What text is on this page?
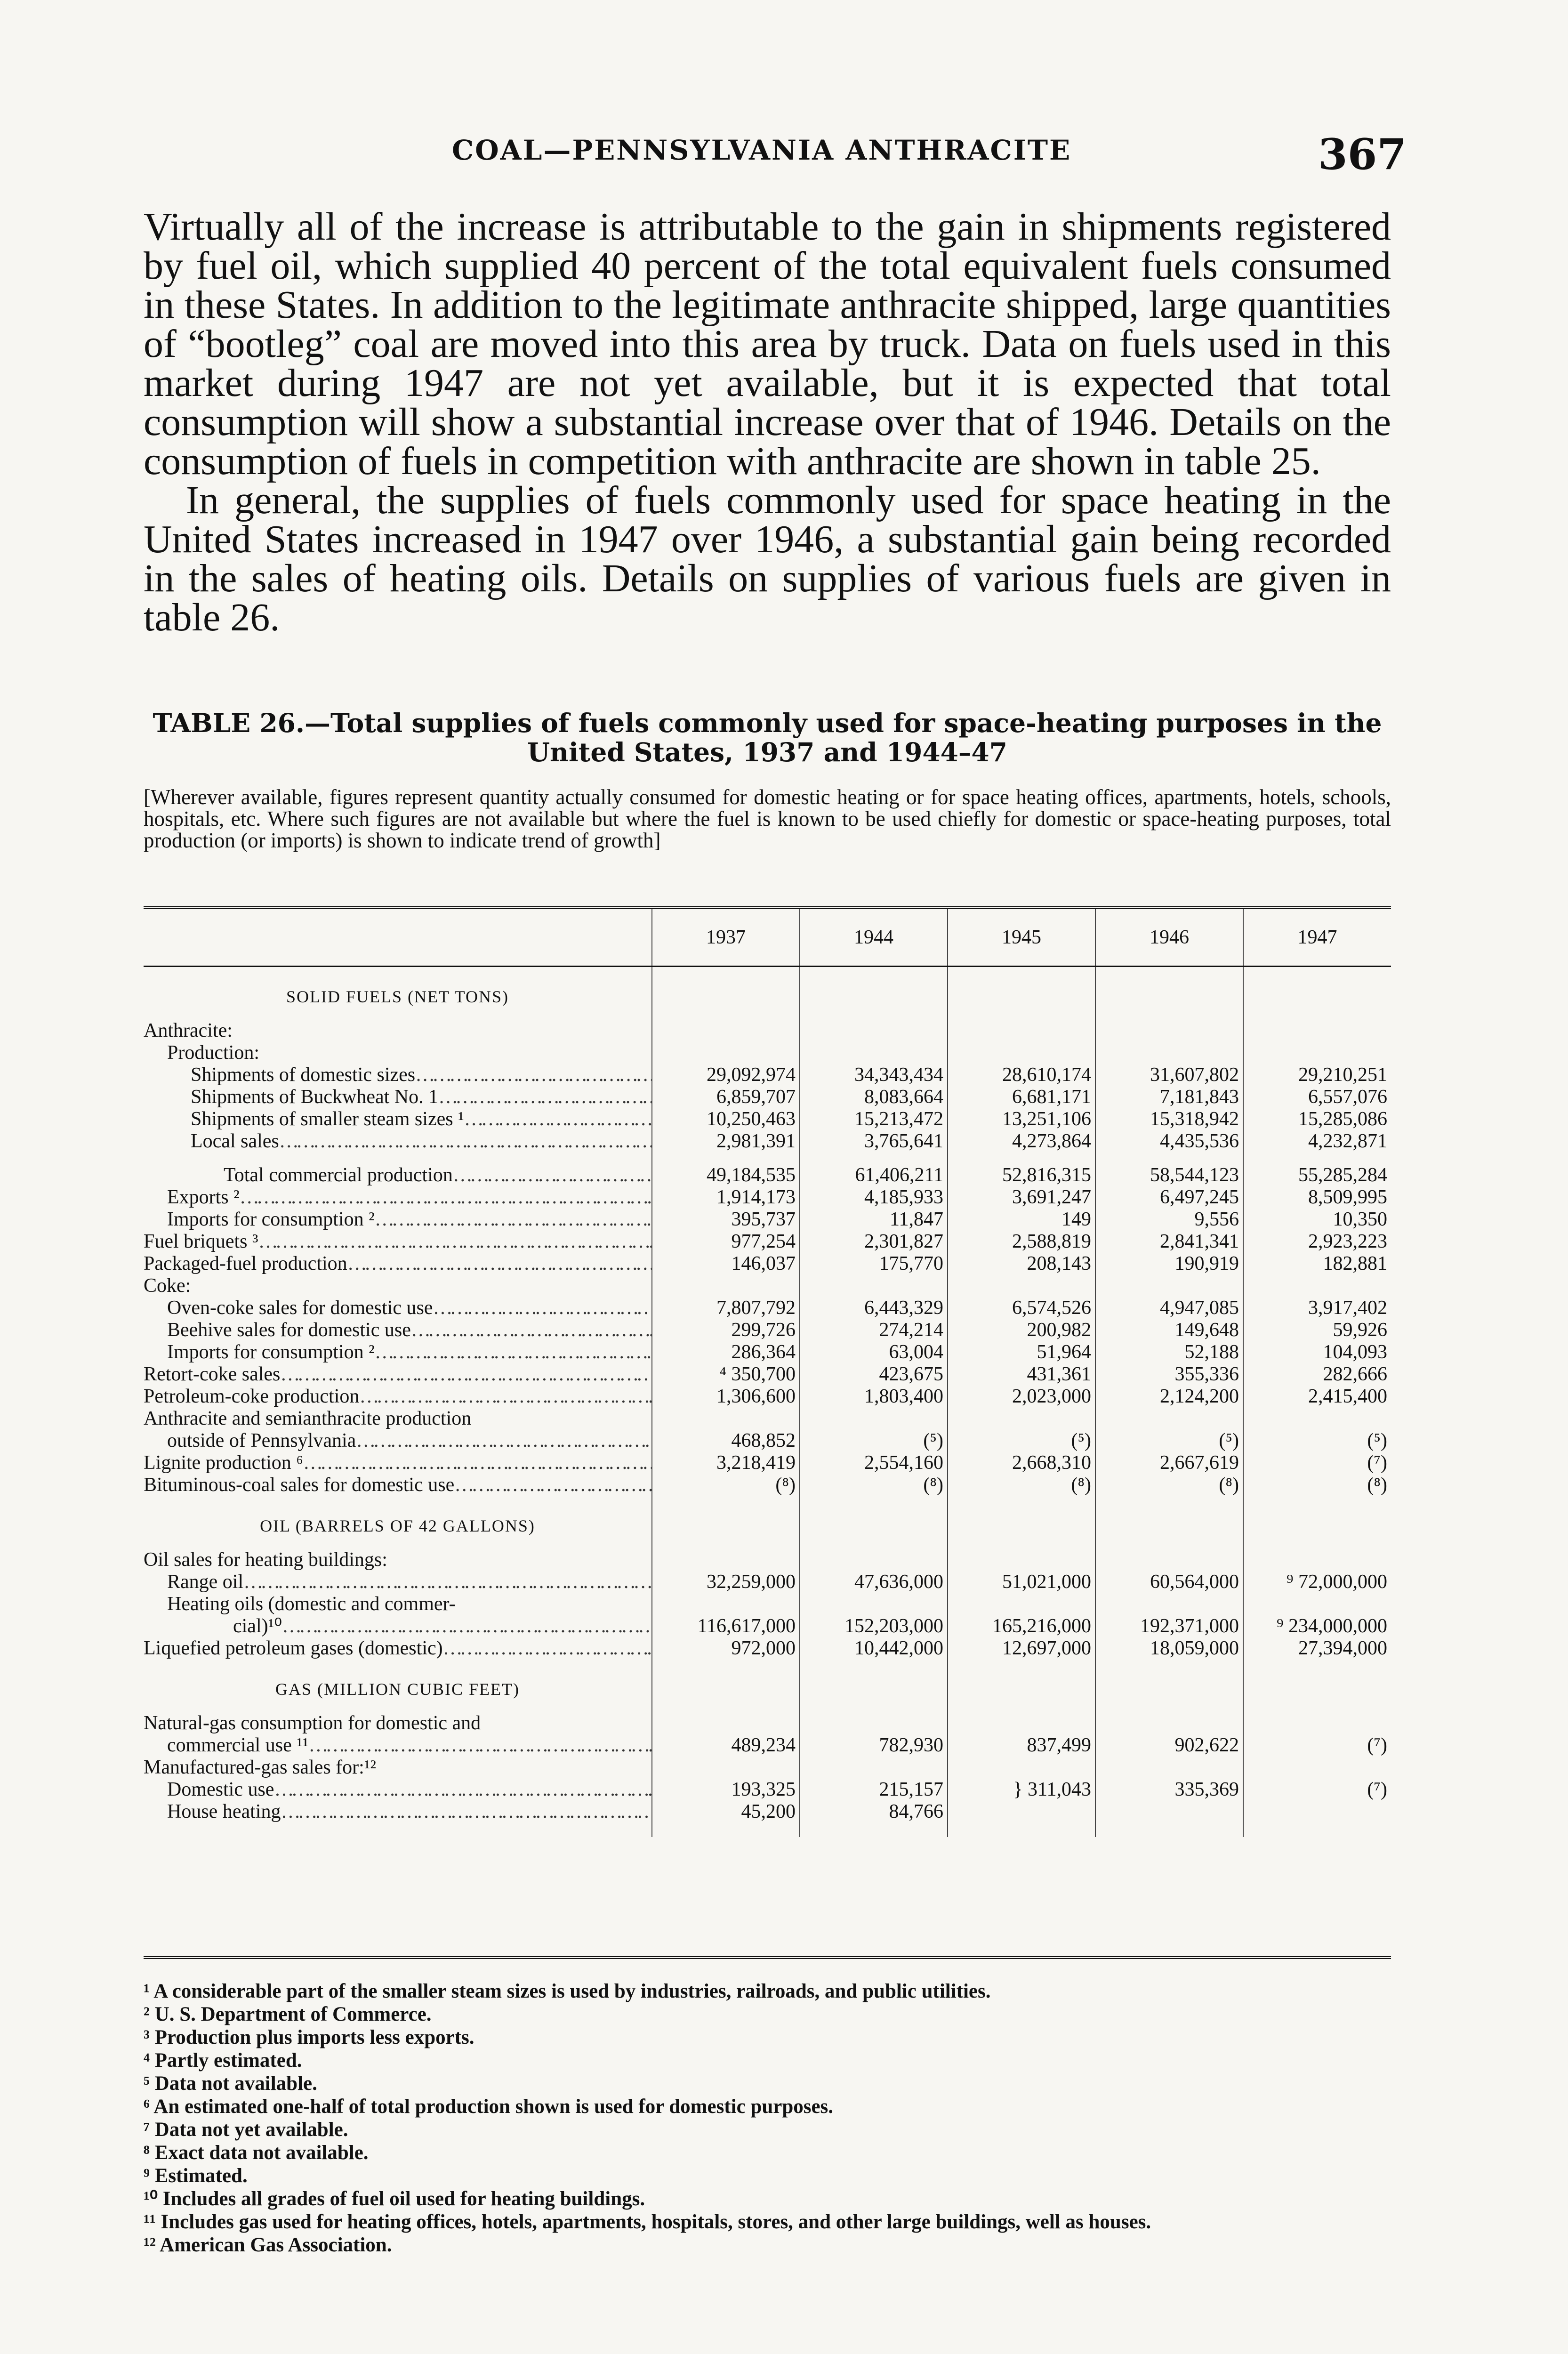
COAL—PENNSYLVANIA ANTHRACITE	367

Virtually all of the increase is attributable to the gain in shipments registered by fuel oil, which supplied 40 percent of the total equivalent fuels consumed in these States. In addition to the legitimate anthracite shipped, large quantities of “bootleg” coal are moved into this area by truck. Data on fuels used in this market during 1947 are not yet available, but it is expected that total consumption will show a substantial increase over that of 1946. Details on the consumption of fuels in competition with anthracite are shown in table 25.

In general, the supplies of fuels commonly used for space heating in the United States increased in 1947 over 1946, a substantial gain being recorded in the sales of heating oils. Details on supplies of various fuels are given in table 26.

TABLE 26.—Total supplies of fuels commonly used for space-heating purposes in the United States, 1937 and 1944–47
[Wherever available, figures represent quantity actually consumed for domestic heating or for space heating offices, apartments, hotels, schools, hospitals, etc. Where such figures are not available but where the fuel is known to be used chiefly for domestic or space-heating purposes, total production (or imports) is shown to indicate trend of growth]
	1937	1944	1945	1946	1947
SOLID FUELS (NET TONS)					
Anthracite:					
Production:					
Shipments of domestic sizes ……………………………………………………………………………………………	29,092,974	34,343,434	28,610,174	31,607,802	29,210,251
Shipments of Buckwheat No. 1 ……………………………………………………………………………………………	6,859,707	8,083,664	6,681,171	7,181,843	6,557,076
Shipments of smaller steam sizes ¹ ……………………………………………………………………………………………	10,250,463	15,213,472	13,251,106	15,318,942	15,285,086
Local sales ……………………………………………………………………………………………	2,981,391	3,765,641	4,273,864	4,435,536	4,232,871

Total commercial production ……………………………………………………………………………………………	49,184,535	61,406,211	52,816,315	58,544,123	55,285,284
Exports ² ……………………………………………………………………………………………	1,914,173	4,185,933	3,691,247	6,497,245	8,509,995
Imports for consumption ² ……………………………………………………………………………………………	395,737	11,847	149	9,556	10,350
Fuel briquets ³ ……………………………………………………………………………………………	977,254	2,301,827	2,588,819	2,841,341	2,923,223
Packaged-fuel production ……………………………………………………………………………………………	146,037	175,770	208,143	190,919	182,881
Coke:					
Oven-coke sales for domestic use ……………………………………………………………………………………………	7,807,792	6,443,329	6,574,526	4,947,085	3,917,402
Beehive sales for domestic use ……………………………………………………………………………………………	299,726	274,214	200,982	149,648	59,926
Imports for consumption ² ……………………………………………………………………………………………	286,364	63,004	51,964	52,188	104,093
Retort-coke sales ……………………………………………………………………………………………	⁴ 350,700	423,675	431,361	355,336	282,666
Petroleum-coke production ……………………………………………………………………………………………	1,306,600	1,803,400	2,023,000	2,124,200	2,415,400
Anthracite and semianthracite production					
outside of Pennsylvania ……………………………………………………………………………………………	468,852	(⁵)	(⁵)	(⁵)	(⁵)
Lignite production ⁶ ……………………………………………………………………………………………	3,218,419	2,554,160	2,668,310	2,667,619	(⁷)
Bituminous-coal sales for domestic use ……………………………………………………………………………………………	(⁸)	(⁸)	(⁸)	(⁸)	(⁸)
OIL (BARRELS OF 42 GALLONS)					
Oil sales for heating buildings:					
Range oil ……………………………………………………………………………………………	32,259,000	47,636,000	51,021,000	60,564,000	⁹ 72,000,000
Heating oils (domestic and commer-					
cial)¹⁰ ……………………………………………………………………………………………	116,617,000	152,203,000	165,216,000	192,371,000	⁹ 234,000,000
Liquefied petroleum gases (domestic) ……………………………………………………………………………………………	972,000	10,442,000	12,697,000	18,059,000	27,394,000
GAS (MILLION CUBIC FEET)					
Natural-gas consumption for domestic and					
commercial use ¹¹ ……………………………………………………………………………………………	489,234	782,930	837,499	902,622	(⁷)
Manufactured-gas sales for:¹²					
Domestic use ……………………………………………………………………………………………	193,325	215,157	} 311,043	335,369	(⁷)
House heating ……………………………………………………………………………………………	45,200	84,766			
¹ A considerable part of the smaller steam sizes is used by industries, railroads, and public utilities.
² U. S. Department of Commerce.
³ Production plus imports less exports.
⁴ Partly estimated.
⁵ Data not available.
⁶ An estimated one-half of total production shown is used for domestic purposes.
⁷ Data not yet available.
⁸ Exact data not available.
⁹ Estimated.
¹⁰ Includes all grades of fuel oil used for heating buildings.
¹¹ Includes gas used for heating offices, hotels, apartments, hospitals, stores, and other large buildings, well as houses.
¹² American Gas Association.
